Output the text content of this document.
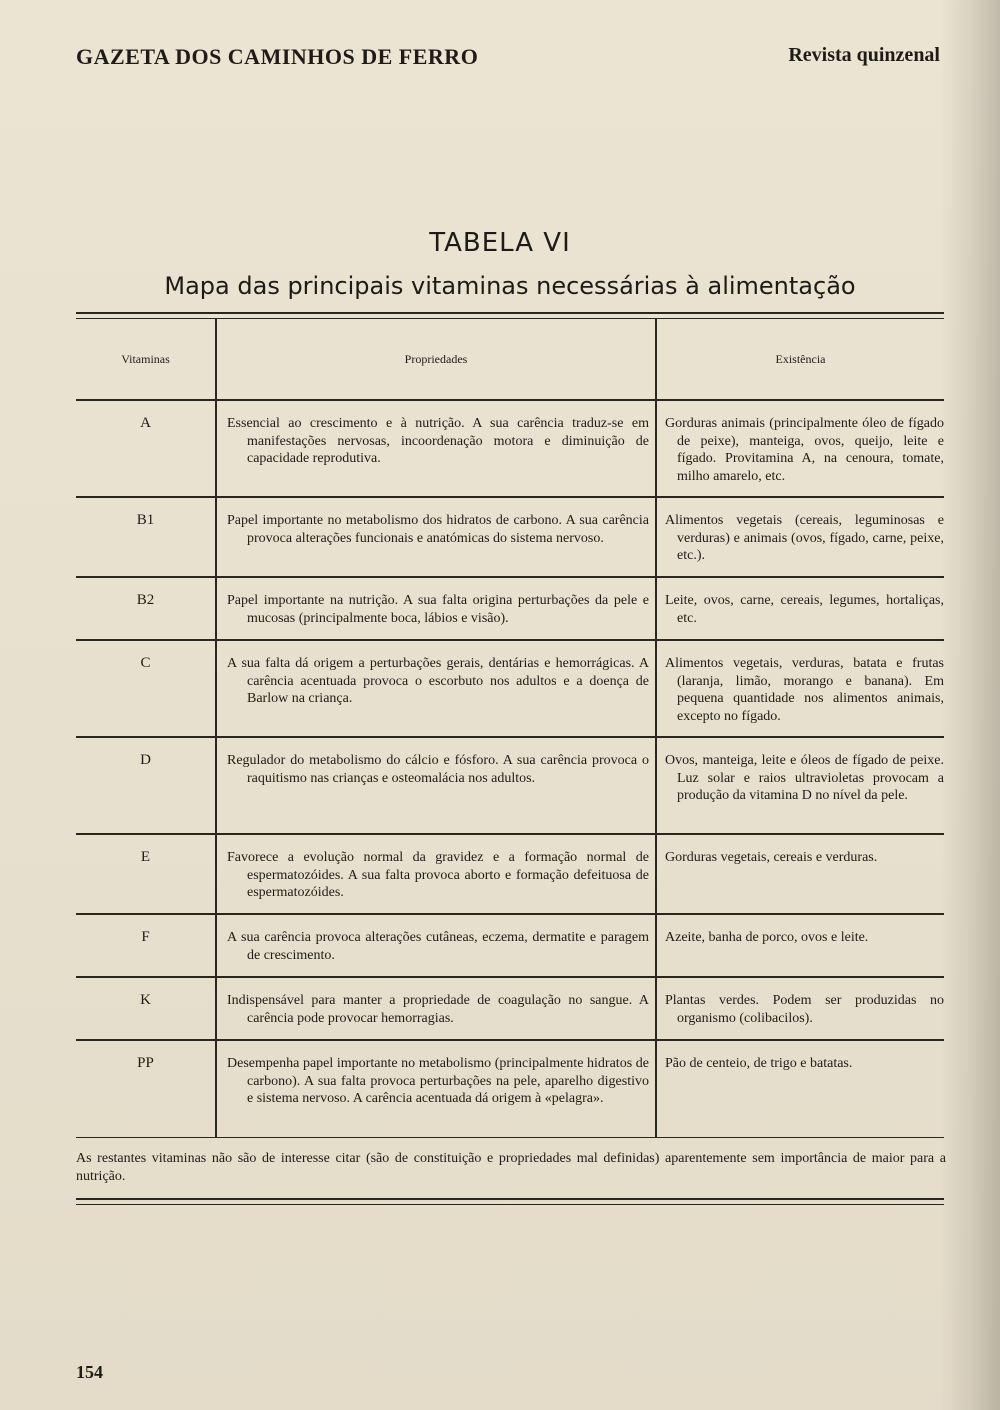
GAZETA DOS CAMINHOS DE FERRO	Revista quinzenal
TABELA VI
Mapa das principais vitaminas necessárias à alimentação
Vitaminas	Propriedades	Existência
A	Essencial ao crescimento e à nutrição. A sua carência traduz-se em manifestações nervosas, incoordenação motora e diminuição de capacidade reprodutiva.	Gorduras animais (principalmente óleo de fígado de peixe), manteiga, ovos, queijo, leite e fígado. Provitamina A, na cenoura, tomate, milho amarelo, etc.

B1	Papel importante no metabolismo dos hidratos de carbono. A sua carência provoca alterações funcionais e anatómicas do sistema nervoso.	Alimentos vegetais (cereais, leguminosas e verduras) e animais (ovos, fígado, carne, peixe, etc.).

B2	Papel importante na nutrição. A sua falta origina perturbações da pele e mucosas (principalmente boca, lábios e visão).	Leite, ovos, carne, cereais, legumes, hortaliças, etc.

C	A sua falta dá origem a perturbações gerais, dentárias e hemorrágicas. A carência acentuada provoca o escorbuto nos adultos e a doença de Barlow na criança.	Alimentos vegetais, verduras, batata e frutas (laranja, limão, morango e banana). Em pequena quantidade nos alimentos animais, excepto no fígado.

D	Regulador do metabolismo do cálcio e fósforo. A sua carência provoca o raquitismo nas crianças e osteomalácia nos adultos.	Ovos, manteiga, leite e óleos de fígado de peixe. Luz solar e raios ultravioletas provocam a produção da vitamina D no nível da pele.

E	Favorece a evolução normal da gravidez e a formação normal de espermatozóides. A sua falta provoca aborto e formação defeituosa de espermatozóides.	Gorduras vegetais, cereais e verduras.

F	A sua carência provoca alterações cutâneas, eczema, dermatite e paragem de crescimento.	Azeite, banha de porco, ovos e leite.

K	Indispensável para manter a propriedade de coagulação no sangue. A carência pode provocar hemorragias.	Plantas verdes. Podem ser produzidas no organismo (colibacilos).

PP	Desempenha papel importante no metabolismo (principalmente hidratos de carbono). A sua falta provoca perturbações na pele, aparelho digestivo e sistema nervoso. A carência acentuada dá origem à «pelagra».	Pão de centeio, de trigo e batatas.
As restantes vitaminas não são de interesse citar (são de constituição e propriedades mal definidas) aparentemente sem importância de maior para a nutrição.
154
